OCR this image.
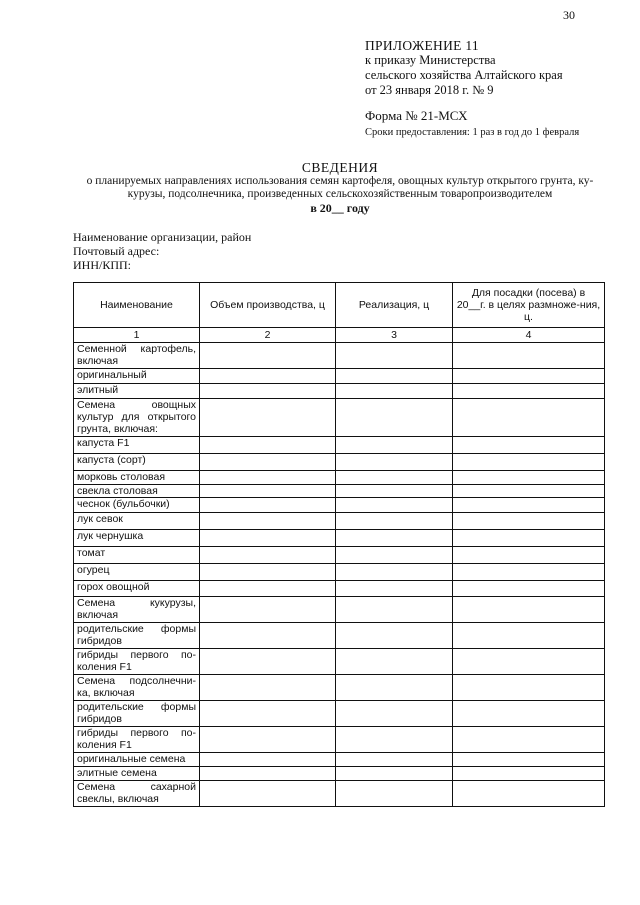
30
ПРИЛОЖЕНИЕ 11
к приказу Министерства
сельского хозяйства Алтайского края
от 23 января 2018 г. № 9
Форма № 21-МСХ
Сроки предоставления: 1 раз в год до 1 февраля
СВЕДЕНИЯ
о планируемых направлениях использования семян картофеля, овощных культур открытого грунта, ку-
курузы, подсолнечника, произведенных сельскохозяйственным товаропроизводителем
в 20__ году
Наименование организации, район
Почтовый адрес:
ИНН/КПП:
Наименование	Объем производства, ц	Реализация, ц	Для посадки (посева) в 20__г. в целях размноже-ния, ц.
1	2	3	4
Семенной картофель, включая			
оригинальный			
элитный			
Семена овощных культур для открытого грунта, включая:			
капуста F1			
капуста (сорт)			
морковь столовая			
свекла столовая			
чеснок (бульбочки)			
лук севок			
лук чернушка			
томат			
огурец			
горох овощной			
Семена кукурузы, включая			
родительские формы гибридов			
гибриды первого по-коления F1			
Семена подсолнечни-ка, включая			
родительские формы гибридов			
гибриды первого по-коления F1			
оригинальные семена			
элитные семена			
Семена сахарной свеклы, включая			
